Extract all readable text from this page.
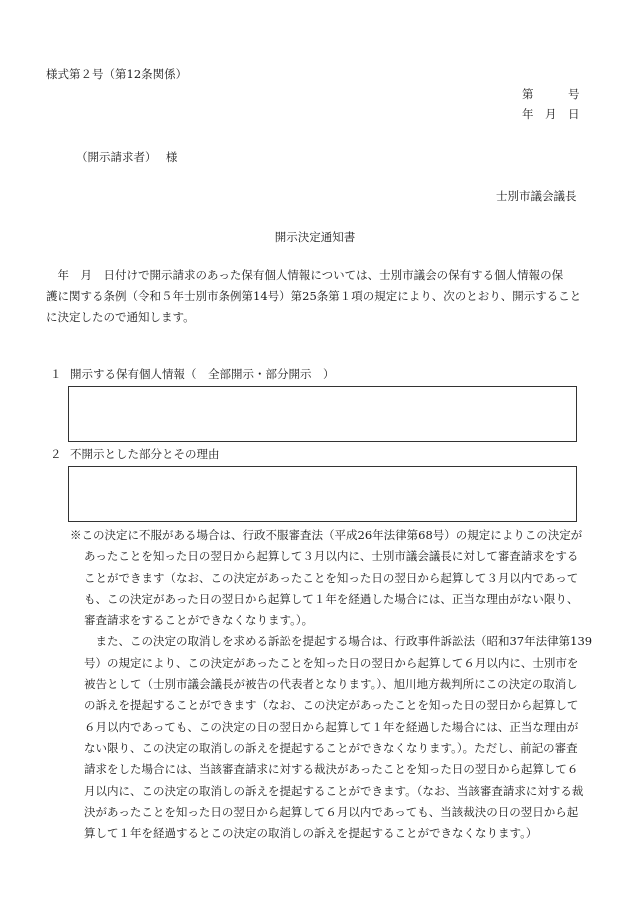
様式第２号（第12条関係）
第　　　号
年　月　日
（開示請求者）　 様
士別市議会議長
開示決定通知書
　年　月　日付けで開示請求のあった保有個人情報については、士別市議会の保有する個人情報の保
護に関する条例（令和５年士別市条例第14号）第25条第１項の規定により、次のとおり、開示すること
に決定したので通知します。
１ 開示する保有個人情報（　全部開示・部分開示　）
２ 不開示とした部分とその理由
※この決定に不服がある場合は、行政不服審査法（平成26年法律第68号）の規定によりこの決定が
あったことを知った日の翌日から起算して３月以内に、士別市議会議長に対して審査請求をする
ことができます（なお、この決定があったことを知った日の翌日から起算して３月以内であって
も、この決定があった日の翌日から起算して１年を経過した場合には、正当な理由がない限り、
審査請求をすることができなくなります。）。
　また、この決定の取消しを求める訴訟を提起する場合は、行政事件訴訟法（昭和37年法律第139
号）の規定により、この決定があったことを知った日の翌日から起算して６月以内に、士別市を
被告として（士別市議会議長が被告の代表者となります。）、旭川地方裁判所にこの決定の取消し
の訴えを提起することができます（なお、この決定があったことを知った日の翌日から起算して
６月以内であっても、この決定の日の翌日から起算して１年を経過した場合には、正当な理由が
ない限り、この決定の取消しの訴えを提起することができなくなります。）。ただし、前記の審査
請求をした場合には、当該審査請求に対する裁決があったことを知った日の翌日から起算して６
月以内に、この決定の取消しの訴えを提起することができます。（なお、当該審査請求に対する裁
決があったことを知った日の翌日から起算して６月以内であっても、当該裁決の日の翌日から起
算して１年を経過するとこの決定の取消しの訴えを提起することができなくなります。）
